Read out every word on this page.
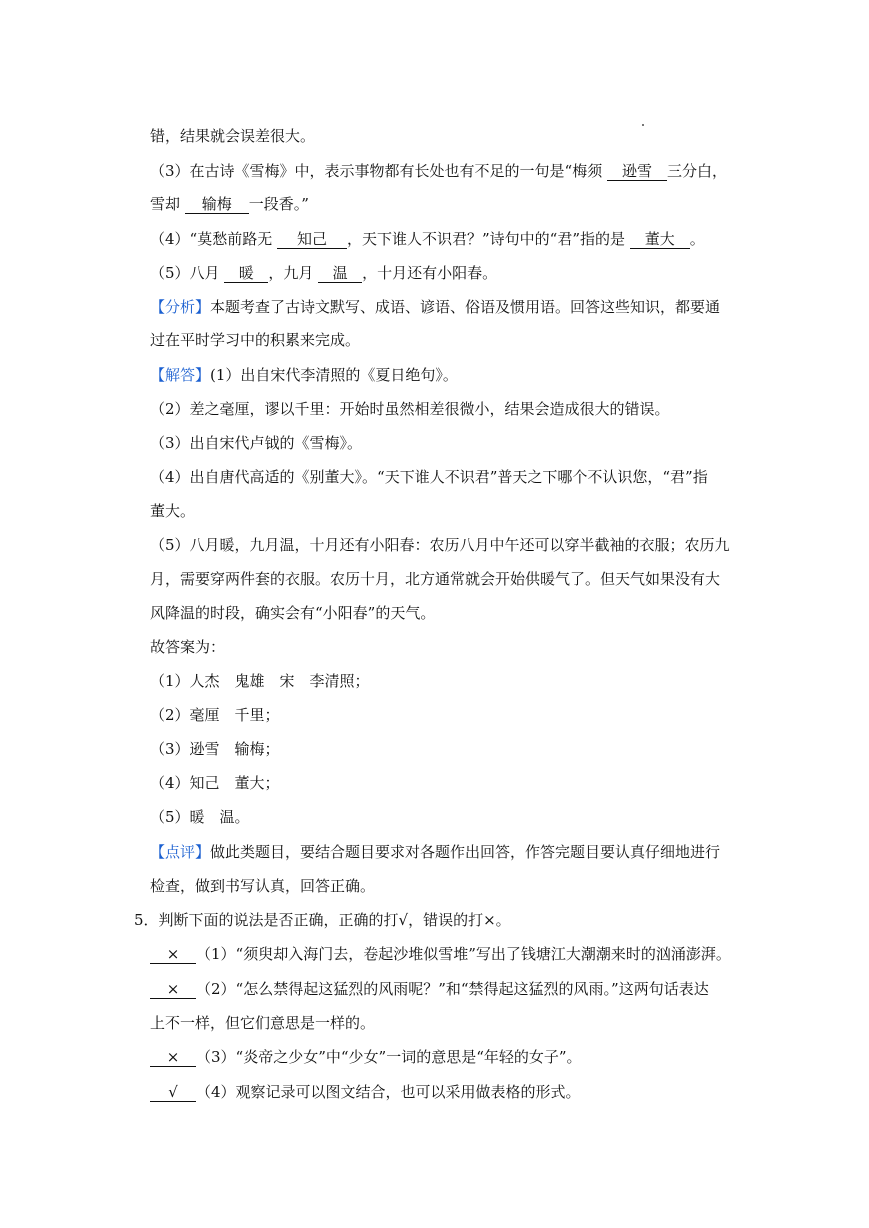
错，结果就会误差很大。
（3）在古诗《雪梅》中，表示事物都有长处也有不足的一句是“梅须 逊雪 三分白，
雪却 输梅 一段香。”
（4）“莫愁前路无 知己 ，天下谁人不识君？”诗句中的“君”指的是 董大 。
（5）八月 暖 ，九月 温 ，十月还有小阳春。
【分析】本题考查了古诗文默写、成语、谚语、俗语及惯用语。回答这些知识，都要通
过在平时学习中的积累来完成。
【解答】(1）出自宋代李清照的《夏日绝句》。
（2）差之毫厘，谬以千里：开始时虽然相差很微小，结果会造成很大的错误。
（3）出自宋代卢钺的《雪梅》。
（4）出自唐代高适的《别董大》。“天下谁人不识君”普天之下哪个不认识您，“君”指
董大。
（5）八月暖，九月温，十月还有小阳春：农历八月中午还可以穿半截袖的衣服；农历九
月，需要穿两件套的衣服。农历十月，北方通常就会开始供暖气了。但天气如果没有大
风降温的时段，确实会有“小阳春”的天气。
故答案为：
（1）人杰　鬼雄　宋　李清照；
（2）毫厘　千里；
（3）逊雪　输梅；
（4）知己　董大；
（5）暖　温。
【点评】做此类题目，要结合题目要求对各题作出回答，作答完题目要认真仔细地进行
检查，做到书写认真，回答正确。
5．判断下面的说法是否正确，正确的打√，错误的打×。
× （1）“须臾却入海门去，卷起沙堆似雪堆”写出了钱塘江大潮潮来时的汹涌澎湃。
× （2）“怎么禁得起这猛烈的风雨呢？”和“禁得起这猛烈的风雨。”这两句话表达
上不一样，但它们意思是一样的。
× （3）“炎帝之少女”中“少女”一词的意思是“年轻的女子”。
√ （4）观察记录可以图文结合，也可以采用做表格的形式。
